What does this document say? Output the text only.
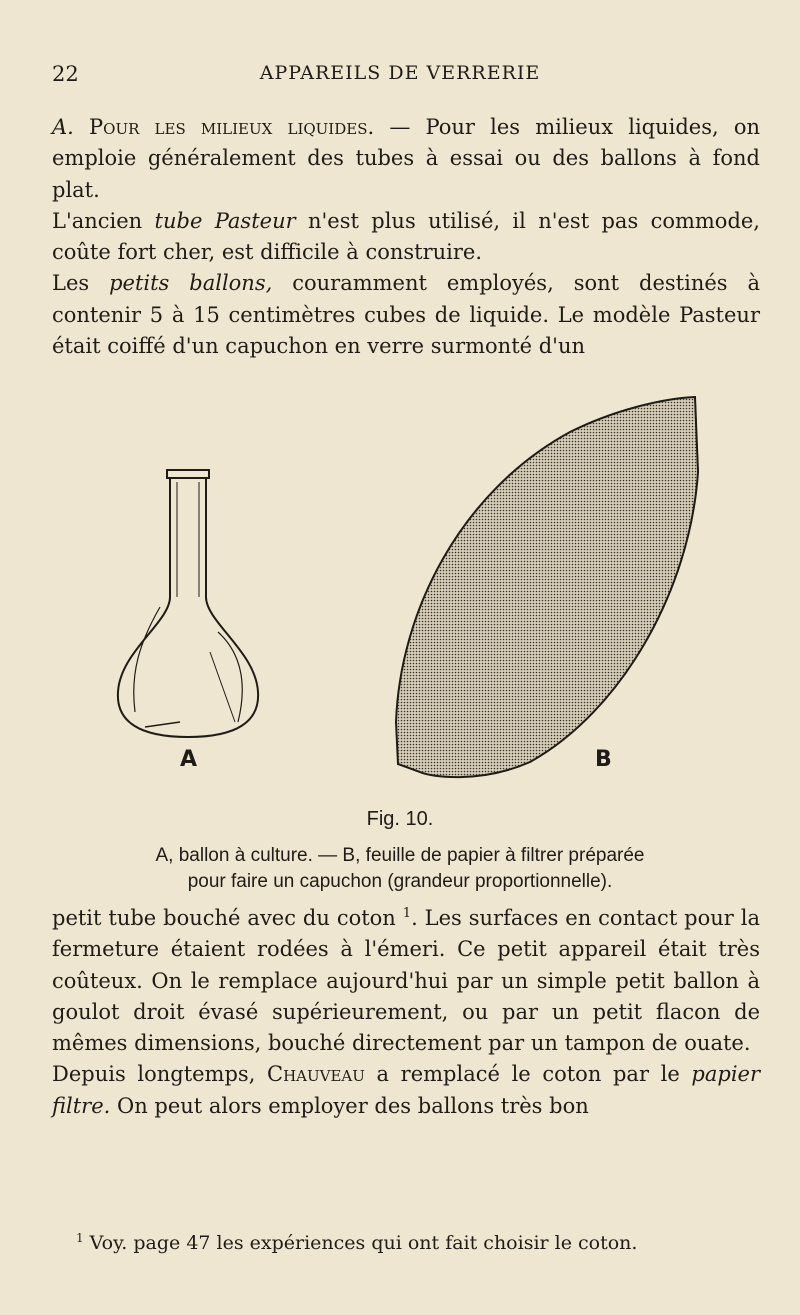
22	APPAREILS DE VERRERIE

A. Pour les milieux liquides. — Pour les milieux liquides, on emploie généralement des tubes à essai ou des ballons à fond plat.

L'ancien tube Pasteur n'est plus utilisé, il n'est pas commode, coûte fort cher, est difficile à construire.

Les petits ballons, couramment employés, sont destinés à contenir 5 à 15 centimètres cubes de liquide. Le modèle Pasteur était coiffé d'un capuchon en verre surmonté d'un

A	B
Fig. 10.
A, ballon à culture. — B, feuille de papier à filtrer préparée
pour faire un capuchon (grandeur proportionnelle).

petit tube bouché avec du coton $^1$. Les surfaces en contact pour la fermeture étaient rodées à l'émeri. Ce petit appareil était très coûteux. On le remplace aujourd'hui par un simple petit ballon à goulot droit évasé supérieurement, ou par un petit flacon de mêmes dimensions, bouché directement par un tampon de ouate.

Depuis longtemps, Chauveau a remplacé le coton par le papier filtre. On peut alors employer des ballons très bon

$^1$ Voy. page 47 les expériences qui ont fait choisir le coton.
